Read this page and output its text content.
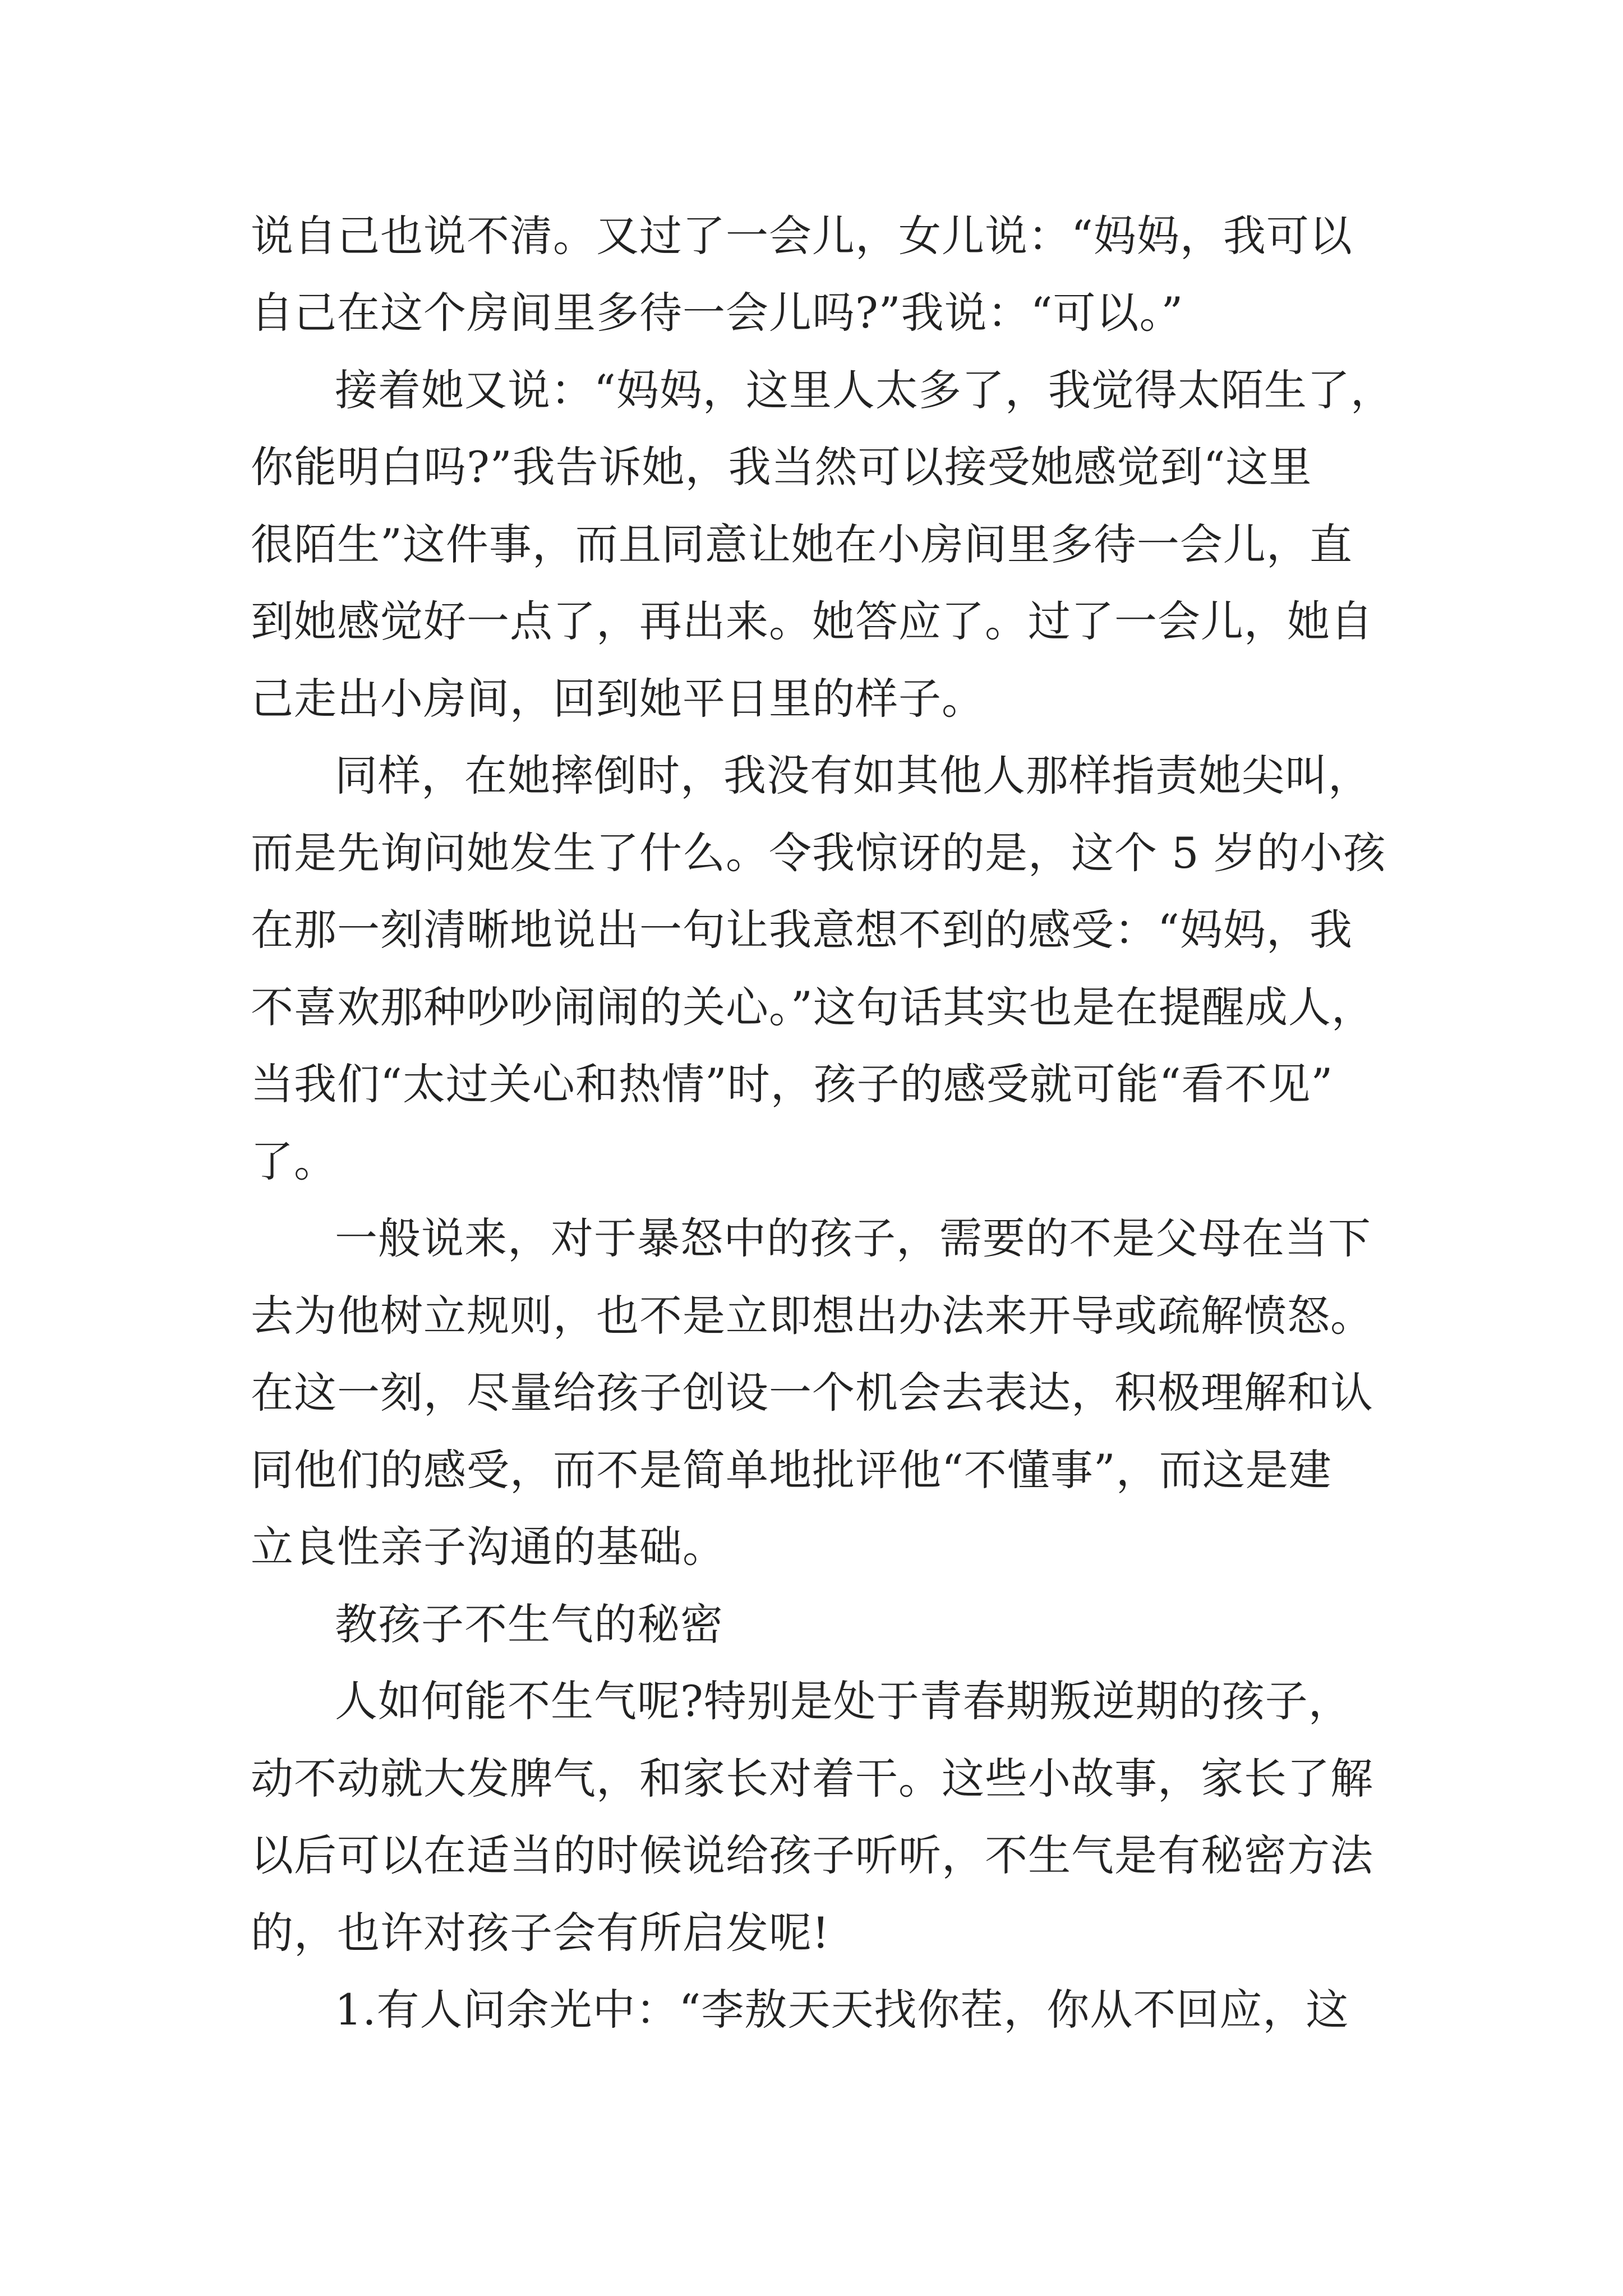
说自己也说不清。又过了一会儿，女儿说：“妈妈，我可以
自己在这个房间里多待一会儿吗?”我说：“可以。”
接着她又说：“妈妈，这里人太多了，我觉得太陌生了，
你能明白吗?”我告诉她，我当然可以接受她感觉到“这里
很陌生”这件事，而且同意让她在小房间里多待一会儿，直
到她感觉好一点了，再出来。她答应了。过了一会儿，她自
己走出小房间，回到她平日里的样子。
同样，在她摔倒时，我没有如其他人那样指责她尖叫，
而是先询问她发生了什么。令我惊讶的是，这个 5 岁的小孩
在那一刻清晰地说出一句让我意想不到的感受：“妈妈，我
不喜欢那种吵吵闹闹的关心。”这句话其实也是在提醒成人，
当我们“太过关心和热情”时，孩子的感受就可能“看不见”
了。
一般说来，对于暴怒中的孩子，需要的不是父母在当下
去为他树立规则，也不是立即想出办法来开导或疏解愤怒。
在这一刻，尽量给孩子创设一个机会去表达，积极理解和认
同他们的感受，而不是简单地批评他“不懂事”，而这是建
立良性亲子沟通的基础。
教孩子不生气的秘密
人如何能不生气呢?特别是处于青春期叛逆期的孩子，
动不动就大发脾气，和家长对着干。这些小故事，家长了解
以后可以在适当的时候说给孩子听听，不生气是有秘密方法
的，也许对孩子会有所启发呢!
1.有人问余光中：“李敖天天找你茬，你从不回应，这
